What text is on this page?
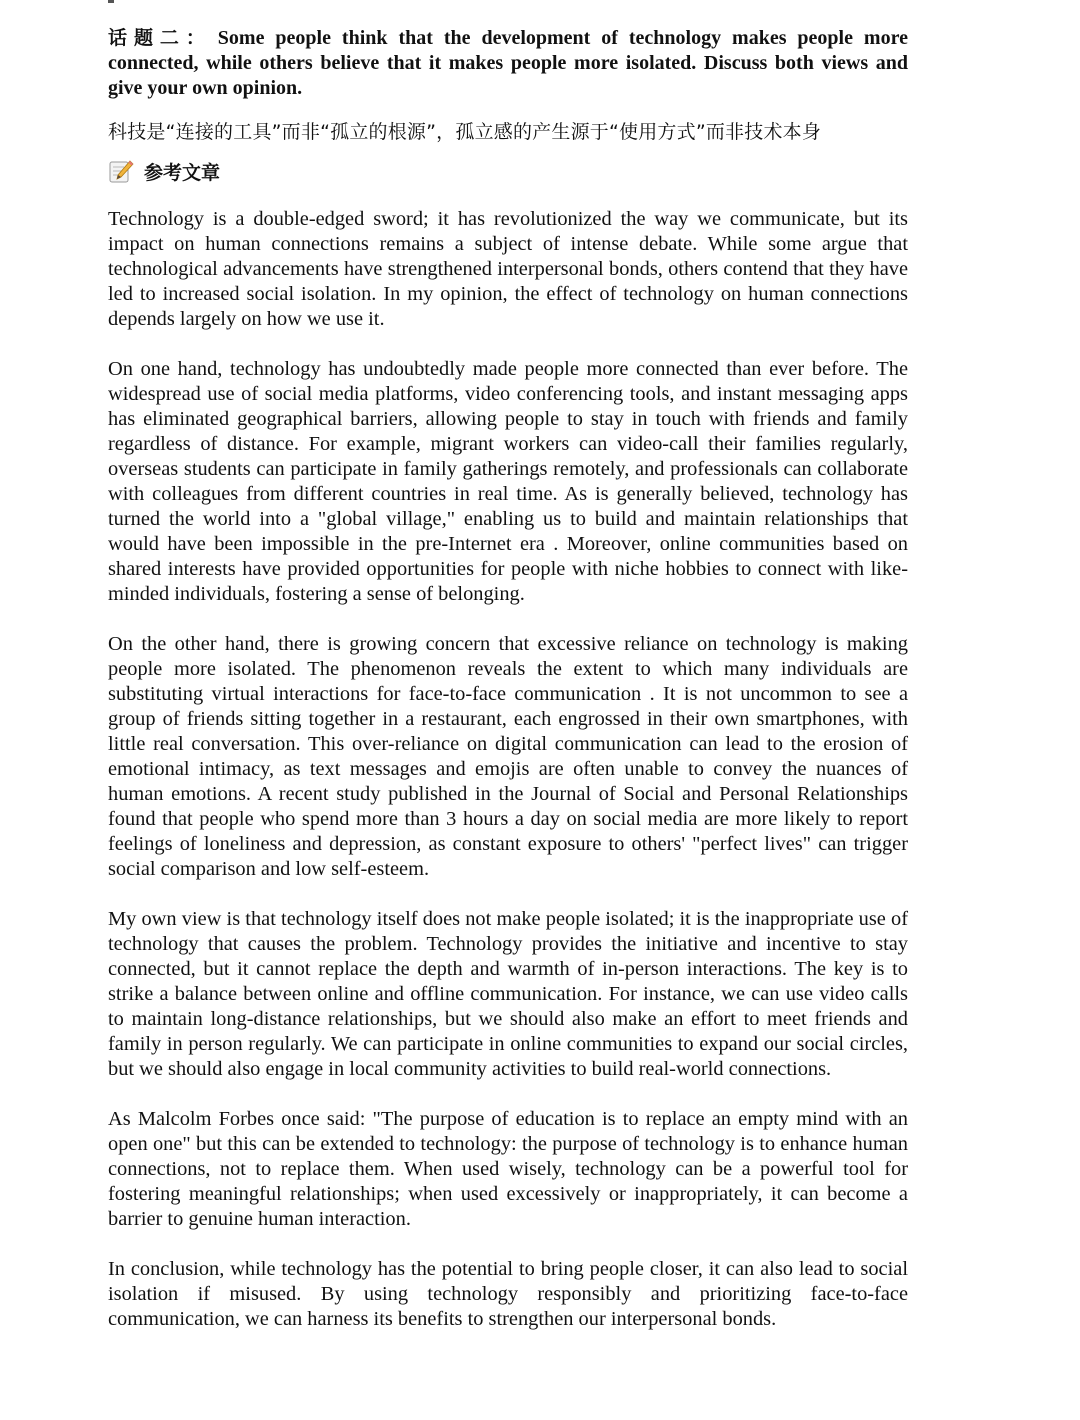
话题二： Some people think that the development of technology makes people more connected, while others believe that it makes people more isolated. Discuss both views and give your own opinion.

科技是“连接的工具”而非“孤立的根源”，孤立感的产生源于“使用方式”而非技术本身

参考文章

Technology is a double-edged sword; it has revolutionized the way we communicate, but its impact on human connections remains a subject of intense debate. While some argue that technological advancements have strengthened interpersonal bonds, others contend that they have led to increased social isolation. In my opinion, the effect of technology on human connections depends largely on how we use it.

On one hand, technology has undoubtedly made people more connected than ever before. The widespread use of social media platforms, video conferencing tools, and instant messaging apps has eliminated geographical barriers, allowing people to stay in touch with friends and family regardless of distance. For example, migrant workers can video-call their families regularly, overseas students can participate in family gatherings remotely, and professionals can collaborate with colleagues from different countries in real time. As is generally believed, technology has turned the world into a "global village," enabling us to build and maintain relationships that would have been impossible in the pre-Internet era . Moreover, online communities based on shared interests have provided opportunities for people with niche hobbies to connect with like-minded individuals, fostering a sense of belonging.

On the other hand, there is growing concern that excessive reliance on technology is making people more isolated. The phenomenon reveals the extent to which many individuals are substituting virtual interactions for face-to-face communication . It is not uncommon to see a group of friends sitting together in a restaurant, each engrossed in their own smartphones, with little real conversation. This over-reliance on digital communication can lead to the erosion of emotional intimacy, as text messages and emojis are often unable to convey the nuances of human emotions. A recent study published in the Journal of Social and Personal Relationships found that people who spend more than 3 hours a day on social media are more likely to report feelings of loneliness and depression, as constant exposure to others' "perfect lives" can trigger social comparison and low self-esteem.

My own view is that technology itself does not make people isolated; it is the inappropriate use of technology that causes the problem. Technology provides the initiative and incentive to stay connected, but it cannot replace the depth and warmth of in-person interactions. The key is to strike a balance between online and offline communication. For instance, we can use video calls to maintain long-distance relationships, but we should also make an effort to meet friends and family in person regularly. We can participate in online communities to expand our social circles, but we should also engage in local community activities to build real-world connections.

As Malcolm Forbes once said: "The purpose of education is to replace an empty mind with an open one" but this can be extended to technology: the purpose of technology is to enhance human connections, not to replace them. When used wisely, technology can be a powerful tool for fostering meaningful relationships; when used excessively or inappropriately, it can become a barrier to genuine human interaction.

In conclusion, while technology has the potential to bring people closer, it can also lead to social isolation if misused. By using technology responsibly and prioritizing face-to-face communication, we can harness its benefits to strengthen our interpersonal bonds.
